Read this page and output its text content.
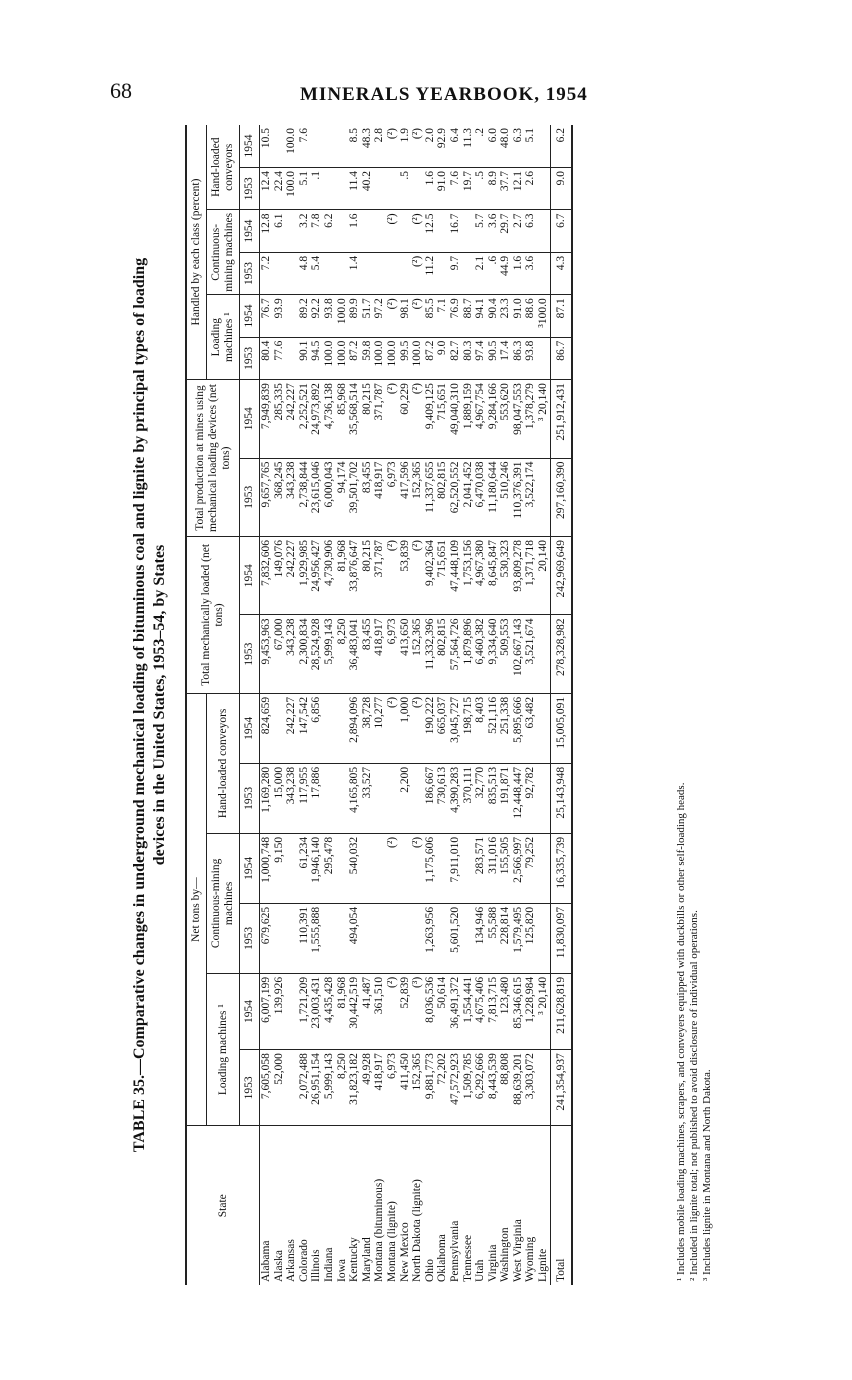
68	MINERALS YEARBOOK, 1954
TABLE 35.—Comparative changes in underground mechanical loading of bituminous coal and lignite by principal types of loading devices in the United States, 1953–54, by States
State	Net tons by—						Total mechanically loaded (net tons)		Total production at mines using mechanical loading devices (net tons)		Handled by each class (percent)					
	Loading machines ¹		Continuous-mining machines		Hand-loaded conveyors						Loading machines ¹		Continuous-mining machines		Hand-loaded conveyors	
	1953	1954	1953	1954	1953	1954	1953	1954	1953	1954	1953	1954	1953	1954	1953	1954
Alabama	7,605,058	6,007,199	679,625	1,000,748	1,169,280	824,659	9,453,963	7,832,606	9,657,765	7,949,839	80.4	76.7	7.2	12.8	12.4	10.5
Alaska	52,000	139,926		9,150	15,000		67,000	149,076	368,245	285,335	77.6	93.9		6.1	22.4	
Arkansas					343,238	242,227	343,238	242,227	343,238	242,227					100.0	100.0
Colorado	2,072,488	1,721,209	110,391	61,234	117,955	147,542	2,300,834	1,929,985	2,738,844	2,252,521	90.1	89.2	4.8	3.2	5.1	7.6
Illinois	26,951,154	23,003,431	1,555,888	1,946,140	17,886	6,856	28,524,928	24,956,427	23,615,046	24,973,892	94.5	92.2	5.4	7.8	.1	
Indiana	5,999,143	4,435,428		295,478			5,999,143	4,730,906	6,000,043	4,736,138	100.0	93.8		6.2		
Iowa	8,250	81,968					8,250	81,968	94,174	85,968	100.0	100.0				
Kentucky	31,823,182	30,442,519	494,054	540,032	4,165,805	2,894,096	36,483,041	33,876,647	39,501,702	35,568,514	87.2	89.9	1.4	1.6	11.4	8.5
Maryland	49,928	41,487			33,527	38,728	83,455	80,215	83,455	80,215	59.8	51.7			40.2	48.3
Montana (bituminous)	418,917	361,510				10,277	418,917	371,787	418,917	371,787	100.0	97.2				2.8
Montana (lignite)	6,973	(²)		(²)		(²)	6,973	(²)	6,973	(²)	100.0	(²)		(²)		(²)
New Mexico	411,450	52,839			2,200	1,000	413,650	53,839	417,596	60,229	99.5	98.1			.5	1.9
North Dakota (lignite)	152,365	(³)		(²)		(²)	152,365	(²)	152,365	(²)	100.0	(²)	(²)	(²)		(²)
Ohio	9,881,773	8,036,536	1,263,956	1,175,606	186,667	190,222	11,332,396	9,402,364	11,337,655	9,409,125	87.2	85.5	11.2	12.5	1.6	2.0
Oklahoma	72,202	50,614			730,613	665,037	802,815	715,651	802,815	715,651	9.0	7.1			91.0	92.9
Pennsylvania	47,572,923	36,491,372	5,601,520	7,911,010	4,390,283	3,045,727	57,564,726	47,448,109	62,520,552	49,040,310	82.7	76.9	9.7	16.7	7.6	6.4
Tennessee	1,509,785	1,554,441			370,111	198,715	1,879,896	1,753,156	2,041,452	1,889,159	80.3	88.7			19.7	11.3
Utah	6,292,666	4,675,406	134,946	283,571	32,770	8,403	6,460,382	4,967,380	6,470,038	4,967,754	97.4	94.1	2.1	5.7	.5	.2
Virginia	8,443,539	7,813,715	55,588	311,016	835,513	521,116	9,334,640	8,645,847	11,180,644	9,284,166	90.5	90.4	.6	3.6	8.9	6.0
Washington	88,808	123,480	228,814	155,505	191,871	251,338	509,553	530,323	510,246	553,620	17.4	23.3	44.9	29.7	37.7	48.0
West Virginia	88,639,201	85,346,615	1,579,495	2,566,997	12,448,447	5,895,666	102,667,143	93,809,278	110,376,391	98,047,553	86.3	91.0	1.6	2.7	12.1	6.3
Wyoming	3,303,072	1,228,984	125,820	79,252	92,782	63,482	3,521,674	1,371,718	3,522,174	1,378,279	93.8	88.6	3.6	6.3	2.6	5.1
Lignite		³ 20,140						20,140		³ 20,140		³100.0				
Total	241,354,937	211,628,819	11,830,097	16,335,739	25,143,948	15,005,091	278,328,982	242,969,649	297,160,390	251,912,431	86.7	87.1	4.3	6.7	9.0	6.2
¹ Includes mobile loading machines, scrapers, and conveyers equipped with duckbills or other self-loading heads. ² Included in lignite total; not published to avoid disclosure of individual operations. ³ Includes lignite in Montana and North Dakota.
